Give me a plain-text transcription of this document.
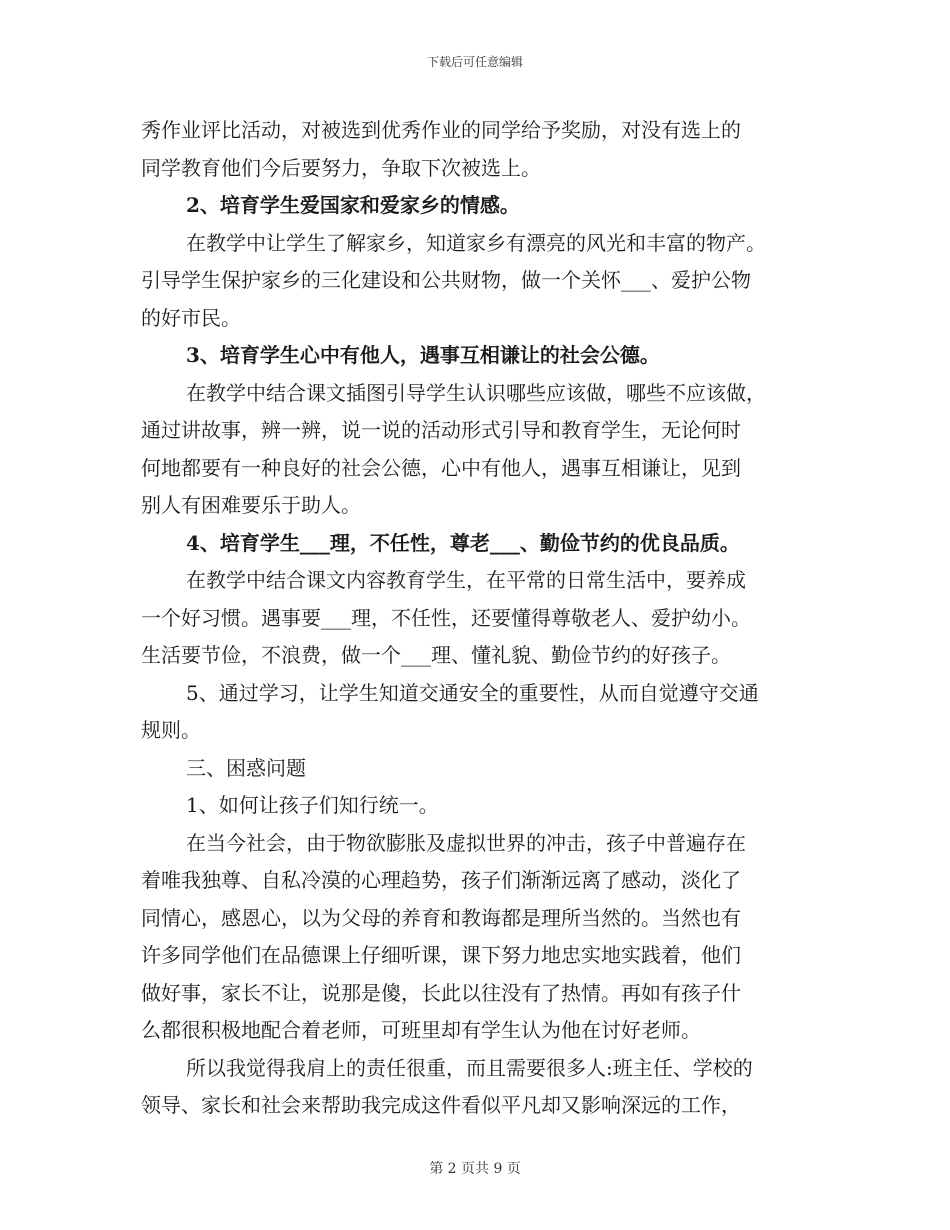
下载后可任意编辑
秀作业评比活动，对被选到优秀作业的同学给予奖励，对没有选上的
同学教育他们今后要努力，争取下次被选上。
2、培育学生爱国家和爱家乡的情感。
在教学中让学生了解家乡，知道家乡有漂亮的风光和丰富的物产。
引导学生保护家乡的三化建设和公共财物，做一个关怀___、爱护公物
的好市民。
3、培育学生心中有他人，遇事互相谦让的社会公德。
在教学中结合课文插图引导学生认识哪些应该做，哪些不应该做，
通过讲故事，辨一辨，说一说的活动形式引导和教育学生，无论何时
何地都要有一种良好的社会公德，心中有他人，遇事互相谦让，见到
别人有困难要乐于助人。
4、培育学生___理，不任性，尊老___、勤俭节约的优良品质。
在教学中结合课文内容教育学生，在平常的日常生活中，要养成
一个好习惯。遇事要___理，不任性，还要懂得尊敬老人、爱护幼小。
生活要节俭，不浪费，做一个___理、懂礼貌、勤俭节约的好孩子。
5、通过学习，让学生知道交通安全的重要性，从而自觉遵守交通
规则。
三、困惑问题
1、如何让孩子们知行统一。
在当今社会，由于物欲膨胀及虚拟世界的冲击，孩子中普遍存在
着唯我独尊、自私冷漠的心理趋势，孩子们渐渐远离了感动，淡化了
同情心，感恩心，以为父母的养育和教诲都是理所当然的。当然也有
许多同学他们在品德课上仔细听课，课下努力地忠实地实践着，他们
做好事，家长不让，说那是傻，长此以往没有了热情。再如有孩子什
么都很积极地配合着老师，可班里却有学生认为他在讨好老师。
所以我觉得我肩上的责任很重，而且需要很多人:班主任、学校的
领导、家长和社会来帮助我完成这件看似平凡却又影响深远的工作，
第 2 页共 9 页
